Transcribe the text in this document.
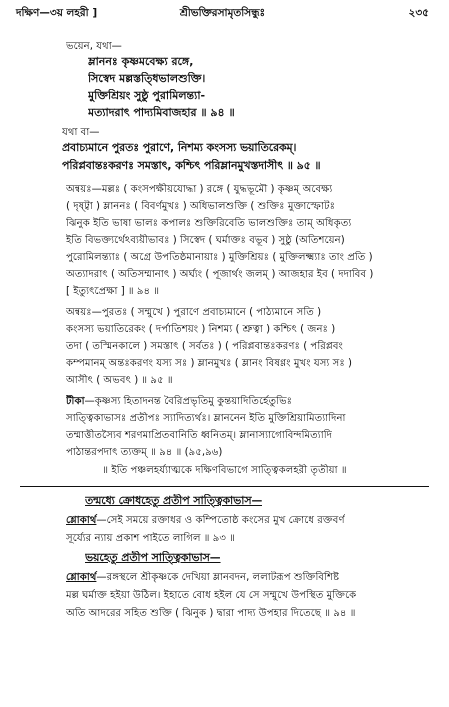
দক্ষিণ—৩য় লহরী ]	শ্রীভক্তিরসামৃতসিন্ধুঃ	২৩৫
ভয়েন, যথা—
ম্লাননঃ কৃষ্ণমবেক্ষ্য রঙ্গে,
সিস্বেদ মল্লস্তত্ধিভালশুক্তি।
মুক্তিশ্রিয়ং সুষ্ঠু পুরামিলন্ত্যা-
মত্যাদরাৎ পাদ্যমিবাজহার ॥ ৯৪ ॥
যথা বা—
প্রবাচ্যমানে পুরতঃ পুরাণে, নিশম্য কংসস্য ভয়াতিরেকম্।
পরিপ্লবান্তঃকরণঃ সমস্তাৎ, কশ্চিৎ পরিম্লানমুখস্তদাসীৎ ॥ ৯৫ ॥
অন্বয়ঃ—মল্লঃ ( কংসপক্ষীয়যোদ্ধা ) রঙ্গে ( যুদ্ধভূমৌ ) কৃষ্ণম্ অবেক্ষ্য
( দৃষ্ট্বা ) ম্লাননঃ ( বিবর্ণমুখঃ ) অধিভালশুক্তি ( শুক্তিঃ মুক্তাস্ফোটঃ
ঝিনুক ইতি ভাষা ভালঃ কপালঃ শুক্তিরিবেতি ভালশুক্তিঃ তাম্ অধিকৃত্য
ইতি বিভক্ত্যর্থেঽব্যয়ীভাবঃ ) সিস্বেদ ( ঘর্মাক্তঃ বভূব ) সুষ্ঠু (অতিশয়েন)
পুরোমিলন্ত্যাঃ ( অগ্রে উপতিষ্ঠমানায়াঃ ) মুক্তিশ্রিয়ঃ ( মুক্তিলক্ষ্ম্যাঃ তাং প্রতি )
অত্যাদরাৎ ( অতিসম্মানাৎ ) অর্ঘ্যং ( পূজার্থং জলম্ ) আজহার ইব ( দদাবিব )
[ ইত্যুৎপ্রেক্ষা ] ॥ ৯৪ ॥
অন্বয়ঃ—পুরতঃ ( সম্মুখে ) পুরাণে প্রবাচ্যমানে ( পাঠ্যমানে সতি )
কংসস্য ভয়াতিরেকং ( দর্পাতিশয়ং ) নিশম্য ( শ্রুত্বা ) কশ্চিৎ ( জনঃ )
তদা ( তস্মিনকালে ) সমস্তাৎ ( সর্বতঃ ) ( পরিপ্লবান্তঃকরণঃ ( পরিপ্লবং
কম্পমানম্ অন্তঃকরণং যস্য সঃ ) ম্লানমুখঃ ( ম্লানং বিষণ্ণং মুখং যস্য সঃ )
আসীৎ ( অভবৎ ) ॥ ৯৫ ॥
টীকা—কৃষ্ণস্য হিতাদনন্ত বৈরিপ্রভৃতিমু কুন্তয়াদিতির্হেতুভিঃ
সাত্ত্বিকাভাসঃ প্রতীপঃ স্যাদিত্যর্থঃ। ম্লাননেন ইতি মুক্তিশ্রিয়ামিত্যাদিনা
তম্মাত্তীতস্যৈব শরণমাপ্রিতবানিতি ধ্বনিতম্। ম্লানাস্যাগোবিন্দমিত্যাদি
পাঠান্তরপদাৎ ত্যক্তম্ ॥ ৯৪ ॥ (৯৫,৯৬)
॥ ইতি পঞ্চলহর্য্যাত্মকে দক্ষিণবিভাগে সাত্ত্বিকলহরী তৃতীয়া ॥
তন্মধ্যে ক্রোধহেতু প্রতীপ সাত্ত্বিকাভাস—
শ্লোকার্থ—সেই সময়ে রক্তাধর ও কম্পিতোষ্ঠ কংসের মুখ ক্রোধে রক্তবর্ণ
সূর্য্যের ন্যায় প্রকাশ পাইতে লাগিল ॥ ৯৩ ॥
ভয়হেতু প্রতীপ সাত্ত্বিকাভাস—
শ্লোকার্থ—রঙ্গস্থলে শ্রীকৃষ্ণকে দেখিয়া ম্লানবদন, ললাটরূপ শুক্তিবিশিষ্ট
মল্ল ঘর্মাক্ত হইয়া উঠিল। ইহাতে বোধ হইল যে সে সম্মুখে উপস্থিত মুক্তিকে
অতি আদরের সহিত শুক্তি ( ঝিনুক ) দ্বারা পাদ্য উপহার দিতেছে ॥ ৯৪ ॥
